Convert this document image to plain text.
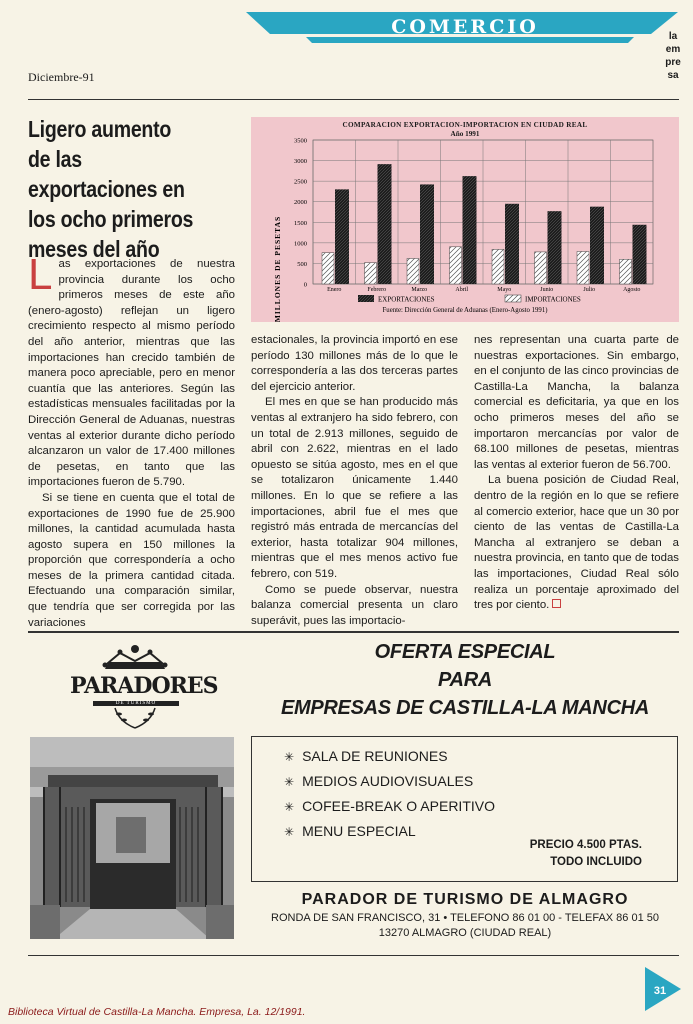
COMERCIO	la
em
pre
sa
Diciembre-91
Ligero aumento de las exportaciones en los ocho primeros meses del año

Las exportaciones de nuestra provincia durante los ocho primeros meses de este año (enero-agosto) reflejan un ligero crecimiento respecto al mismo período del año anterior, mientras que las importaciones han crecido también de manera poco apreciable, pero en menor cuantía que las anteriores. Según las estadísticas mensuales facilitadas por la Dirección General de Aduanas, nuestras ventas al exterior durante dicho período alcanzaron un valor de 17.400 millones de pesetas, en tanto que las importaciones fueron de 5.790.

Si se tiene en cuenta que el total de exportaciones de 1990 fue de 25.900 millones, la cantidad acumulada hasta agosto supera en 150 millones la proporción que correspondería a ocho meses de la primera cantidad citada. Efectuando una comparación similar, que tendría que ser corregida por las variaciones

COMPARACION EXPORTACION-IMPORTACION EN CIUDAD REAL
Año 1991
0
500
1000
1500
2000
2500
3000
3500
Enero	Febrero	Marzo	Abril	Mayo	Junio	Julio	Agosto
MILLONES DE PESETAS	EXPORTACIONES	IMPORTACIONES
Fuente: Dirección General de Aduanas (Enero-Agosto 1991)

estacionales, la provincia importó en ese período 130 millones más de lo que le correspondería a las dos terceras partes del ejercicio anterior.

El mes en que se han producido más ventas al extranjero ha sido febrero, con un total de 2.913 millones, seguido de abril con 2.622, mientras en el lado opuesto se sitúa agosto, mes en el que se totalizaron únicamente 1.440 millones. En lo que se refiere a las importaciones, abril fue el mes que registró más entrada de mercancías del exterior, hasta totalizar 904 millones, mientras que el mes menos activo fue febrero, con 519.

Como se puede observar, nuestra balanza comercial presenta un claro superávit, pues las importacio-

nes representan una cuarta parte de nuestras exportaciones. Sin embargo, en el conjunto de las cinco provincias de Castilla-La Mancha, la balanza comercial es deficitaria, ya que en los ocho primeros meses del año se importaron mercancías por valor de 68.100 millones de pesetas, mientras las ventas al exterior fueron de 56.700.

La buena posición de Ciudad Real, dentro de la región en lo que se refiere al comercio exterior, hace que un 30 por ciento de las ventas de Castilla-La Mancha al extranjero se deban a nuestra provincia, en tanto que de todas las importaciones, Ciudad Real sólo realiza un porcentaje aproximado del tres por ciento.

PARADORES
DE TURISMO
OFERTA ESPECIAL
PARA
EMPRESAS DE CASTILLA-LA MANCHA
✳ SALA DE REUNIONES
✳ MEDIOS AUDIOVISUALES
✳ COFEE-BREAK O APERITIVO
✳ MENU ESPECIAL
PRECIO 4.500 PTAS.
TODO INCLUIDO
PARADOR DE TURISMO DE ALMAGRO
RONDA DE SAN FRANCISCO, 31 • TELEFONO 86 01 00 - TELEFAX 86 01 50
13270 ALMAGRO (CIUDAD REAL)
Biblioteca Virtual de Castilla-La Mancha. Empresa, La. 12/1991.
31
